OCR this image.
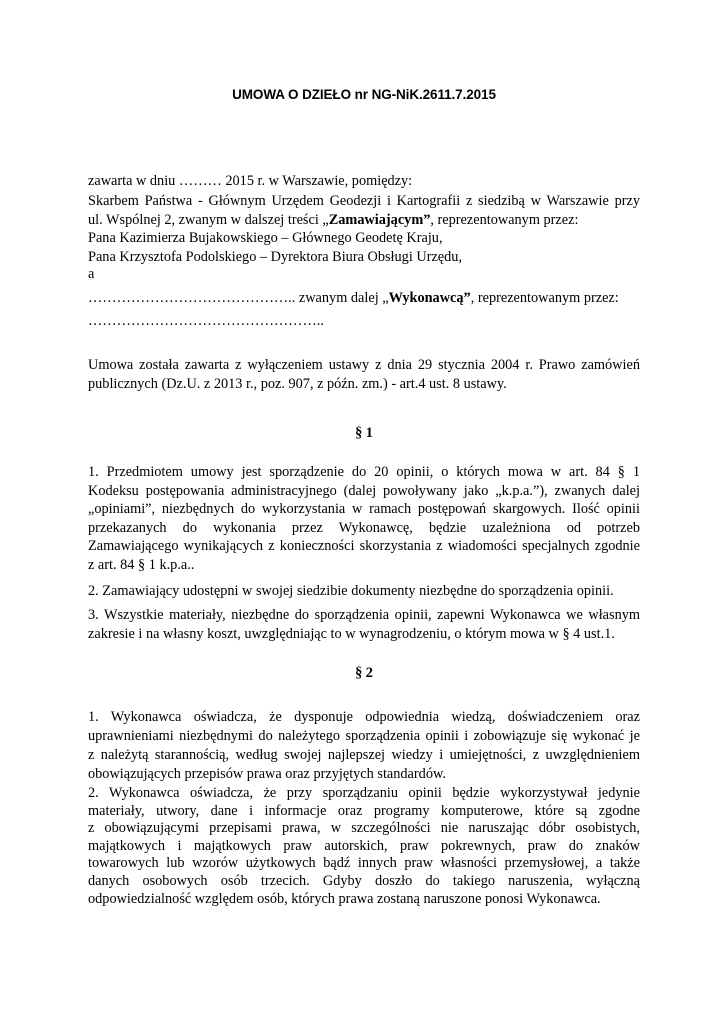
UMOWA O DZIEŁO nr NG-NiK.2611.7.2015
zawarta w dniu ……… 2015 r. w Warszawie, pomiędzy:
Skarbem Państwa - Głównym Urzędem Geodezji i Kartografii z siedzibą w Warszawie przy
ul. Wspólnej 2, zwanym w dalszej treści „Zamawiającym”, reprezentowanym przez:
Pana Kazimierza Bujakowskiego – Głównego Geodetę Kraju,
Pana Krzysztofa Podolskiego – Dyrektora Biura Obsługi Urzędu,
a
…………………………………….. zwanym dalej „Wykonawcą”, reprezentowanym przez:
…………………………………………..
Umowa została zawarta z wyłączeniem ustawy z dnia 29 stycznia 2004 r. Prawo zamówień
publicznych (Dz.U. z 2013 r., poz. 907, z późn. zm.) - art.4 ust. 8 ustawy.
§ 1
1. Przedmiotem umowy jest sporządzenie do 20 opinii, o których mowa w art. 84 § 1
Kodeksu postępowania administracyjnego (dalej powoływany jako „k.p.a.”), zwanych dalej
„opiniami”, niezbędnych do wykorzystania w ramach postępowań skargowych. Ilość opinii
przekazanych do wykonania przez Wykonawcę, będzie uzależniona od potrzeb
Zamawiającego wynikających z konieczności skorzystania z wiadomości specjalnych zgodnie
z art. 84 § 1 k.p.a..
2. Zamawiający udostępni w swojej siedzibie dokumenty niezbędne do sporządzenia opinii.
3. Wszystkie materiały, niezbędne do sporządzenia opinii, zapewni Wykonawca we własnym
zakresie i na własny koszt, uwzględniając to w wynagrodzeniu, o którym mowa w § 4 ust.1.
§ 2
1. Wykonawca oświadcza, że dysponuje odpowiednia wiedzą, doświadczeniem oraz
uprawnieniami niezbędnymi do należytego sporządzenia opinii i zobowiązuje się wykonać je
z należytą starannością, według swojej najlepszej wiedzy i umiejętności, z uwzględnieniem
obowiązujących przepisów prawa oraz przyjętych standardów.
2. Wykonawca oświadcza, że przy sporządzaniu opinii będzie wykorzystywał jedynie
materiały, utwory, dane i informacje oraz programy komputerowe, które są zgodne
z obowiązującymi przepisami prawa, w szczególności nie naruszając dóbr osobistych,
majątkowych i majątkowych praw autorskich, praw pokrewnych, praw do znaków
towarowych lub wzorów użytkowych bądź innych praw własności przemysłowej, a także
danych osobowych osób trzecich. Gdyby doszło do takiego naruszenia, wyłączną
odpowiedzialność względem osób, których prawa zostaną naruszone ponosi Wykonawca.
